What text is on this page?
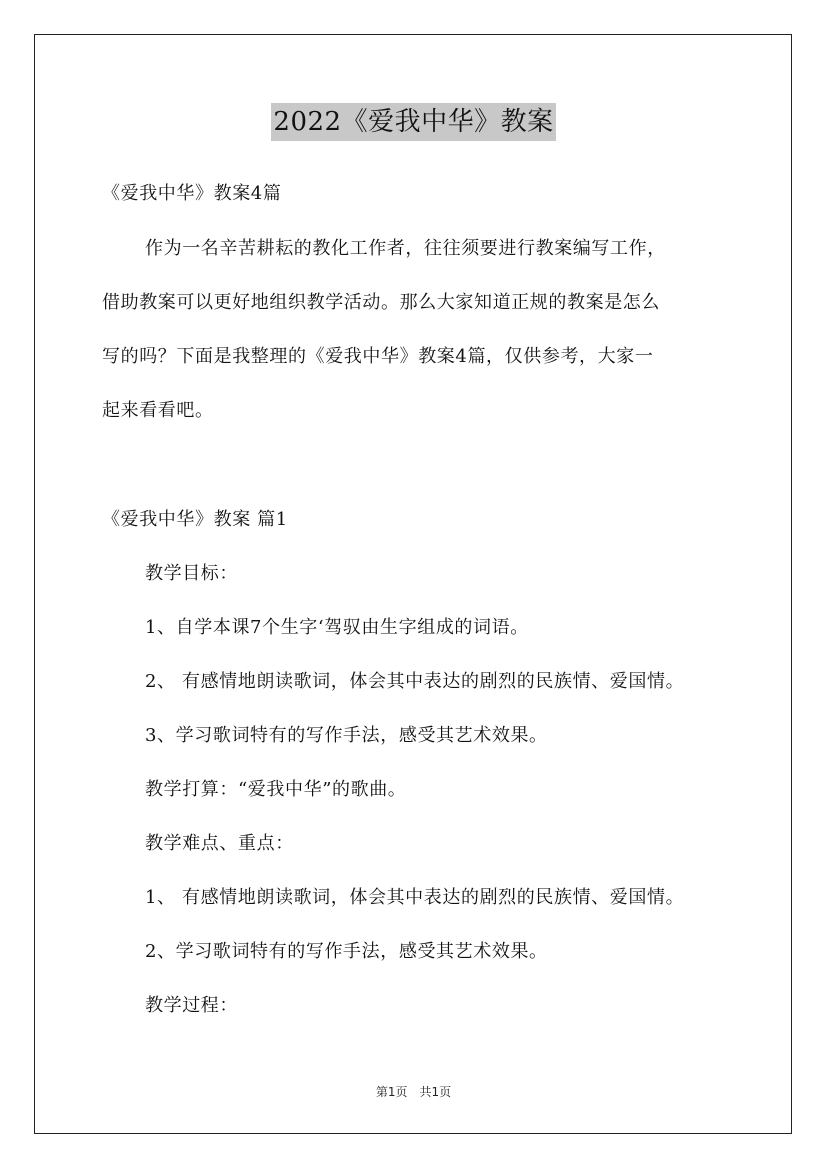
2022《爱我中华》教案
《爱我中华》教案4篇
作为一名辛苦耕耘的教化工作者，往往须要进行教案编写工作，
借助教案可以更好地组织教学活动。那么大家知道正规的教案是怎么
写的吗？下面是我整理的《爱我中华》教案4篇，仅供参考，大家一
起来看看吧。
《爱我中华》教案 篇1
教学目标：
1、自学本课7个生字‘驾驭由生字组成的词语。
2、 有感情地朗读歌词，体会其中表达的剧烈的民族情、爱国情。
3、学习歌词特有的写作手法，感受其艺术效果。
教学打算：“爱我中华”的歌曲。
教学难点、重点：
1、 有感情地朗读歌词，体会其中表达的剧烈的民族情、爱国情。
2、学习歌词特有的写作手法，感受其艺术效果。
教学过程：
第1页 共1页
